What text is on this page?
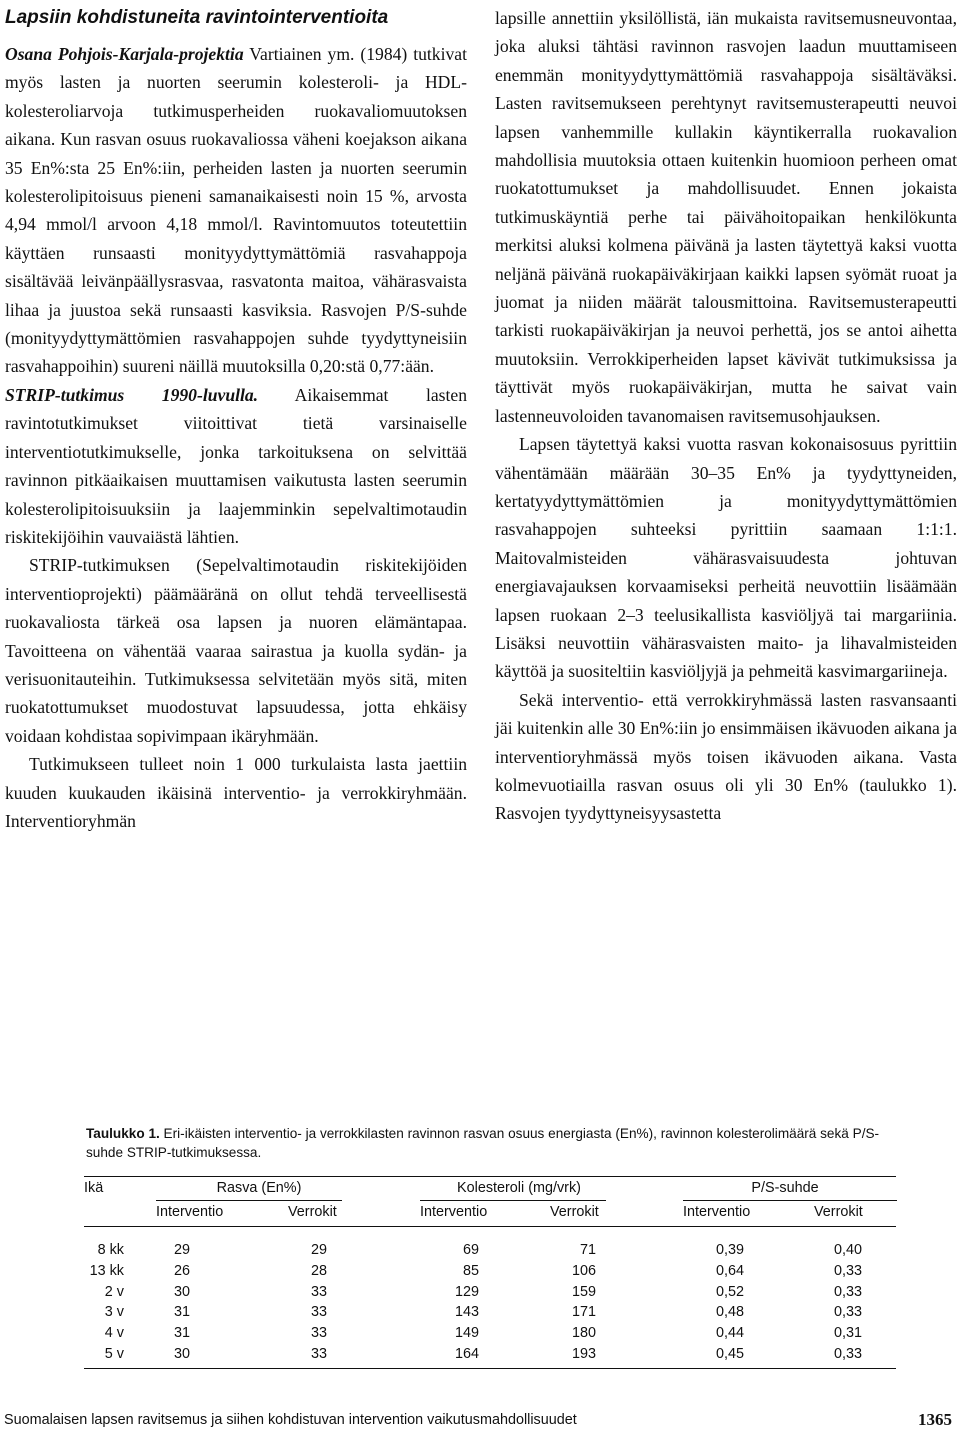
Lapsiin kohdistuneita ravintointerventioita

Osana Pohjois-Karjala-projektia Vartiainen ym. (1984) tutkivat myös lasten ja nuorten seerumin kolesteroli- ja HDL-kolesteroliarvoja tutkimusperheiden ruokavaliomuutoksen aikana. Kun rasvan osuus ruokavaliossa väheni koejakson aikana 35 En%:sta 25 En%:iin, perheiden lasten ja nuorten seerumin kolesterolipitoisuus pieneni samanaikaisesti noin 15 %, arvosta 4,94 mmol/l arvoon 4,18 mmol/l. Ravintomuutos toteutettiin käyttäen runsaasti monityydyttymättömiä rasvahappoja sisältävää leivänpäällysrasvaa, rasvatonta maitoa, vähärasvaista lihaa ja juustoa sekä runsaasti kasviksia. Rasvojen P/S-suhde (monityydyttymättömien rasvahappojen suhde tyydyttyneisiin rasvahappoihin) suureni näillä muutoksilla 0,20:stä 0,77:ään.

STRIP-tutkimus 1990-luvulla. Aikaisemmat lasten ravintotutkimukset viitoittivat tietä varsinaiselle interventiotutkimukselle, jonka tarkoituksena on selvittää ravinnon pitkäaikaisen muuttamisen vaikutusta lasten seerumin kolesterolipitoisuuksiin ja laajemminkin sepelvaltimotaudin riskitekijöihin vauvaiästä lähtien.

STRIP-tutkimuksen (Sepelvaltimotaudin riskitekijöiden interventioprojekti) päämääränä on ollut tehdä terveellisestä ruokavaliosta tärkeä osa lapsen ja nuoren elämäntapaa. Tavoitteena on vähentää vaaraa sairastua ja kuolla sydän- ja verisuonitauteihin. Tutkimuksessa selvitetään myös sitä, miten ruokatottumukset muodostuvat lapsuudessa, jotta ehkäisy voidaan kohdistaa sopivimpaan ikäryhmään.

Tutkimukseen tulleet noin 1 000 turkulaista lasta jaettiin kuuden kuukauden ikäisinä interventio- ja verrokkiryhmään. Interventioryhmän

lapsille annettiin yksilöllistä, iän mukaista ravitsemusneuvontaa, joka aluksi tähtäsi ravinnon rasvojen laadun muuttamiseen enemmän monityydyttymättömiä rasvahappoja sisältäväksi. Lasten ravitsemukseen perehtynyt ravitsemusterapeutti neuvoi lapsen vanhemmille kullakin käyntikerralla ruokavalion mahdollisia muutoksia ottaen kuitenkin huomioon perheen omat ruokatottumukset ja mahdollisuudet. Ennen jokaista tutkimuskäyntiä perhe tai päivähoitopaikan henkilökunta merkitsi aluksi kolmena päivänä ja lasten täytettyä kaksi vuotta neljänä päivänä ruokapäiväkirjaan kaikki lapsen syömät ruoat ja juomat ja niiden määrät talousmittoina. Ravitsemusterapeutti tarkisti ruokapäiväkirjan ja neuvoi perhettä, jos se antoi aihetta muutoksiin. Verrokkiperheiden lapset kävivät tutkimuksissa ja täyttivät myös ruokapäiväkirjan, mutta he saivat vain lastenneuvoloiden tavanomaisen ravitsemusohjauksen.

Lapsen täytettyä kaksi vuotta rasvan kokonaisosuus pyrittiin vähentämään määrään 30–35 En% ja tyydyttyneiden, kertatyydyttymättömien ja monityydyttymättömien rasvahappojen suhteeksi pyrittiin saamaan 1:1:1. Maitovalmisteiden vähärasvaisuudesta johtuvan energiavajauksen korvaamiseksi perheitä neuvottiin lisäämään lapsen ruokaan 2–3 teelusikallista kasviöljyä tai margariinia. Lisäksi neuvottiin vähärasvaisten maito- ja lihavalmisteiden käyttöä ja suositeltiin kasviöljyjä ja pehmeitä kasvimargariineja.

Sekä interventio- että verrokkiryhmässä lasten rasvansaanti jäi kuitenkin alle 30 En%:iin jo ensimmäisen ikävuoden aikana ja interventioryhmässä myös toisen ikävuoden aikana. Vasta kolmevuotiailla rasvan osuus oli yli 30 En% (taulukko 1). Rasvojen tyydyttyneisyysastetta

Taulukko 1. Eri-ikäisten interventio- ja verrokkilasten ravinnon rasvan osuus energiasta (En%), ravinnon kolesterolimäärä sekä P/S-suhde STRIP-tutkimuksessa.
Ikä	Rasva (En%)	Kolesteroli (mg/vrk)	P/S-suhde
Interventio	Verrokit	Interventio	Verrokit	Interventio	Verrokit
8 kk	29	29	69	71	0,39	0,40
13 kk	26	28	85	106	0,64	0,33
2 v	30	33	129	159	0,52	0,33
3 v	31	33	143	171	0,48	0,33
4 v	31	33	149	180	0,44	0,31
5 v	30	33	164	193	0,45	0,33
Suomalaisen lapsen ravitsemus ja siihen kohdistuvan intervention vaikutusmahdollisuudet	1365
